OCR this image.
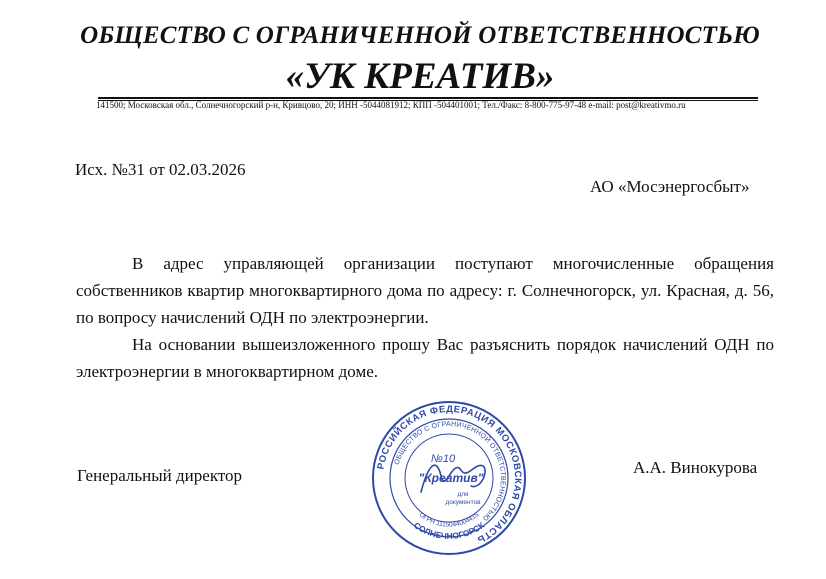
ОБЩЕСТВО С ОГРАНИЧЕННОЙ ОТВЕТСТВЕННОСТЬЮ
«УК КРЕАТИВ»
141500; Московская обл., Солнечногорский р-н, Кривцово, 20; ИНН -5044081912; КПП -504401001; Тел./Факс: 8-800-775-97-48 e-mail: post@kreativmo.ru
Исх. №31 от 02.03.2026
АО «Мосэнергосбыт»

В адрес управляющей организации поступают многочисленные обращения собственников квартир многоквартирного дома по адресу: г. Солнечногорск, ул. Красная, д. 56, по вопросу начислений ОДН по электроэнергии.

На основании вышеизложенного прошу Вас разъяснить порядок начислений ОДН по электроэнергии в многоквартирном доме.

Генеральный директор	А.А. Винокурова
РОССИЙСКАЯ ФЕДЕРАЦИЯ МОСКОВСКАЯ ОБЛАСТЬ
ОБЩЕСТВО С ОГРАНИЧЕННОЙ ОТВЕТСТВЕННОСТЬЮ
СОЛНЕЧНОГОРСК
ОГРН 1115044004415
№10
"Креатив"
для
документов
